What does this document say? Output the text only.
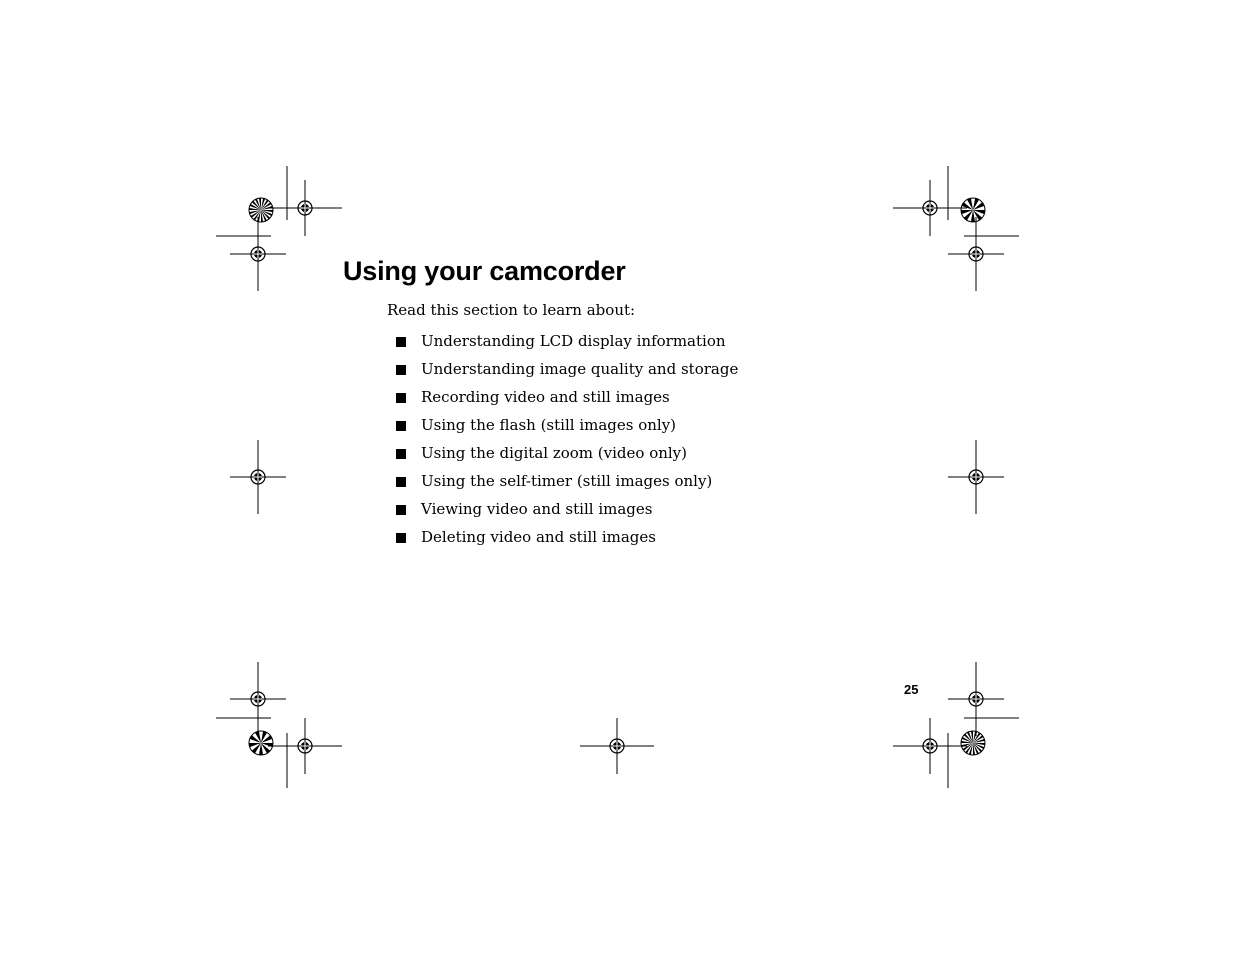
Using your camcorder
Read this section to learn about:
Understanding LCD display information
Understanding image quality and storage
Recording video and still images
Using the flash (still images only)
Using the digital zoom (video only)
Using the self-timer (still images only)
Viewing video and still images
Deleting video and still images
25
